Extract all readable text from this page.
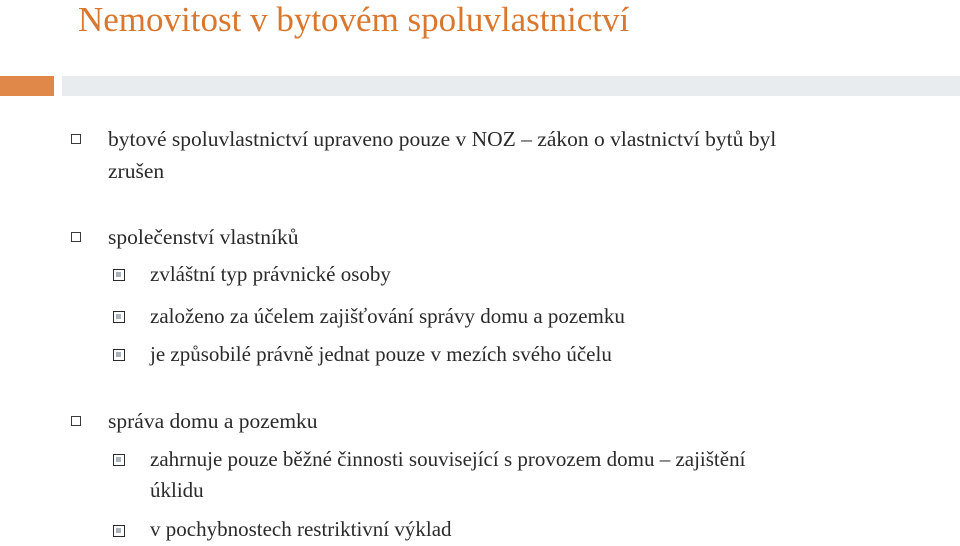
Nemovitost v bytovém spoluvlastnictví
bytové spoluvlastnictví upraveno pouze v NOZ – zákon o vlastnictví bytů byl
zrušen
společenství vlastníků
zvláštní typ právnické osoby
založeno za účelem zajišťování správy domu a pozemku
je způsobilé právně jednat pouze v mezích svého účelu
správa domu a pozemku
zahrnuje pouze běžné činnosti související s provozem domu – zajištění
úklidu
v pochybnostech restriktivní výklad
